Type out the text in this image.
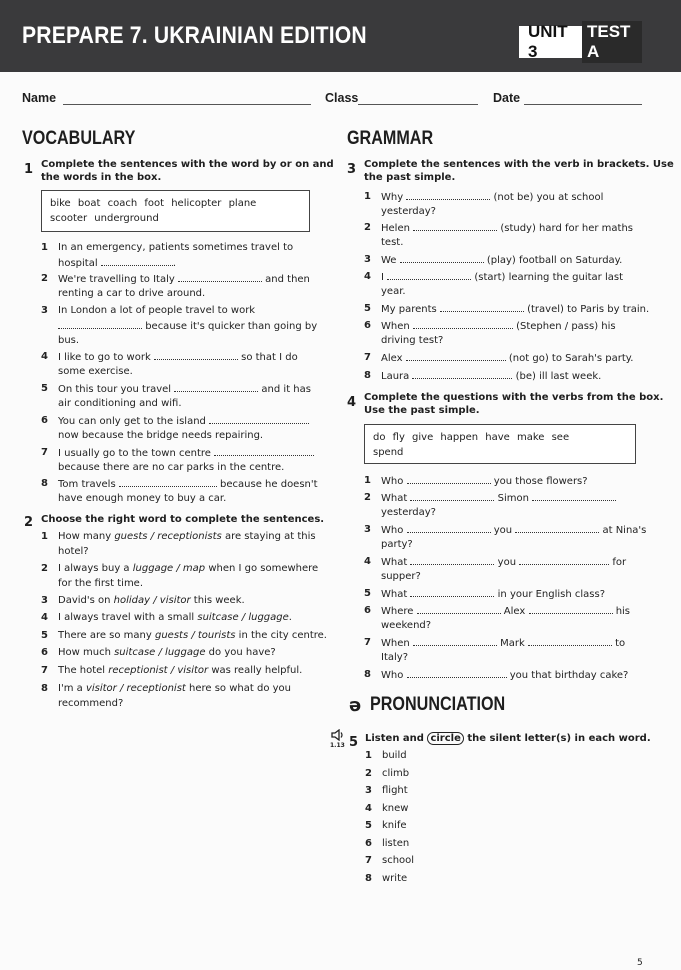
PREPARE 7. UKRAINIAN EDITION	UNIT 3
TEST A
Name	Class	Date
VOCABULARY
1 Complete the sentences with the word by or on and
the words in the box.
bike boat coach foot helicopter plane
scooter underground
1 In an emergency, patients sometimes travel to
hospital	.
2 We're travelling to Italy	and then
renting a car to drive around.
3 In London a lot of people travel to work
because it's quicker than going by
bus.
4 I like to go to work	so that I do
some exercise.
5 On this tour you travel	and it has
air conditioning and wifi.
6 You can only get to the island
now because the bridge needs repairing.
7 I usually go to the town centre
because there are no car parks in the centre.
8 Tom travels	because he doesn't
have enough money to buy a car.
2 Choose the right word to complete the sentences.
1 How many guests / receptionists are staying at this
hotel?
2 I always buy a luggage / map when I go somewhere
for the first time.
3 David's on holiday / visitor this week.
4 I always travel with a small suitcase / luggage.
5 There are so many guests / tourists in the city centre.
6 How much suitcase / luggage do you have?
7 The hotel receptionist / visitor was really helpful.
8 I'm a visitor / receptionist here so what do you
recommend?
GRAMMAR
3 Complete the sentences with the verb in brackets. Use
the past simple.
1 Why	(not be) you at school
yesterday?
2 Helen	(study) hard for her maths
test.
3 We	(play) football on Saturday.
4 I	(start) learning the guitar last
year.
5 My parents	(travel) to Paris by train.
6 When	(Stephen / pass) his
driving test?
7 Alex	(not go) to Sarah's party.
8 Laura	(be) ill last week.
4 Complete the questions with the verbs from the box.
Use the past simple.
do fly give happen have make see
spend
1 Who	you those flowers?
2 What	Simon
yesterday?
3 Who	you	at Nina's
party?
4 What	you	for
supper?
5 What	in your English class?
6 Where	Alex	his
weekend?
7 When	Mark	to
Italy?
8 Who	you that birthday cake?
ə PRONUNCIATION
1.13 5 Listen and circle the silent letter(s) in each word.
1 build
2 climb
3 flight
4 knew
5 knife
6 listen
7 school
8 write
5
